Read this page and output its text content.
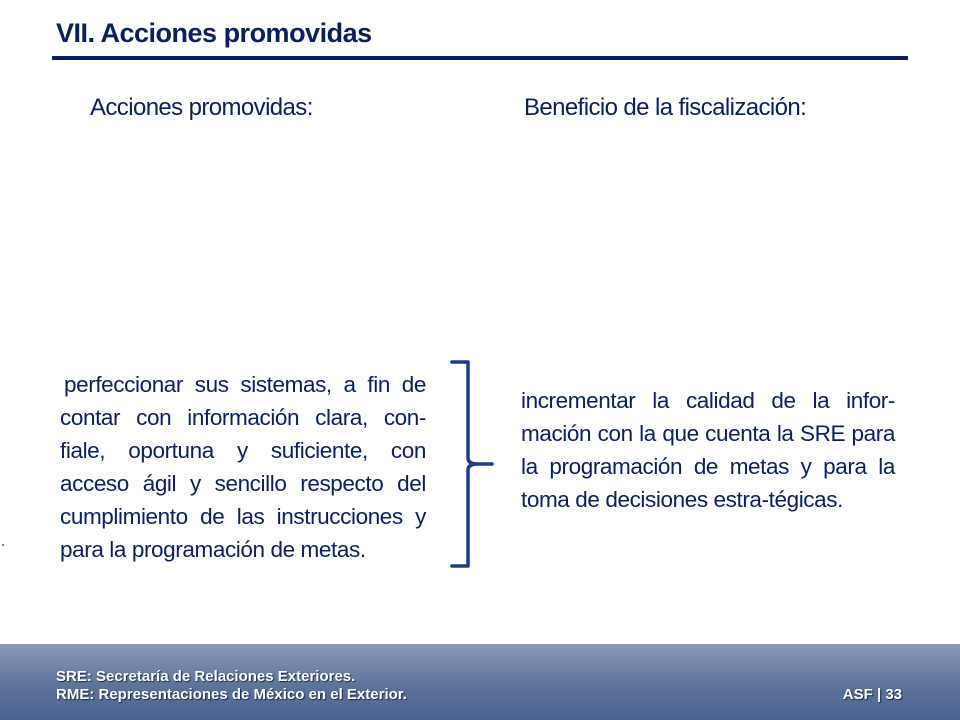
VII. Acciones promovidas
Acciones promovidas:	Beneficio de la fiscalización:
perfeccionar sus sistemas, a fin de contar con información clara, con-fiale, oportuna y suficiente, con acceso ágil y sencillo respecto del cumplimiento de las instrucciones y para la programación de metas.
incrementar la calidad de la infor-mación con la que cuenta la SRE para la programación de metas y para la toma de decisiones estra-tégicas.
SRE: Secretaría de Relaciones Exteriores.
RME: Representaciones de México en el Exterior.	ASF | 33
